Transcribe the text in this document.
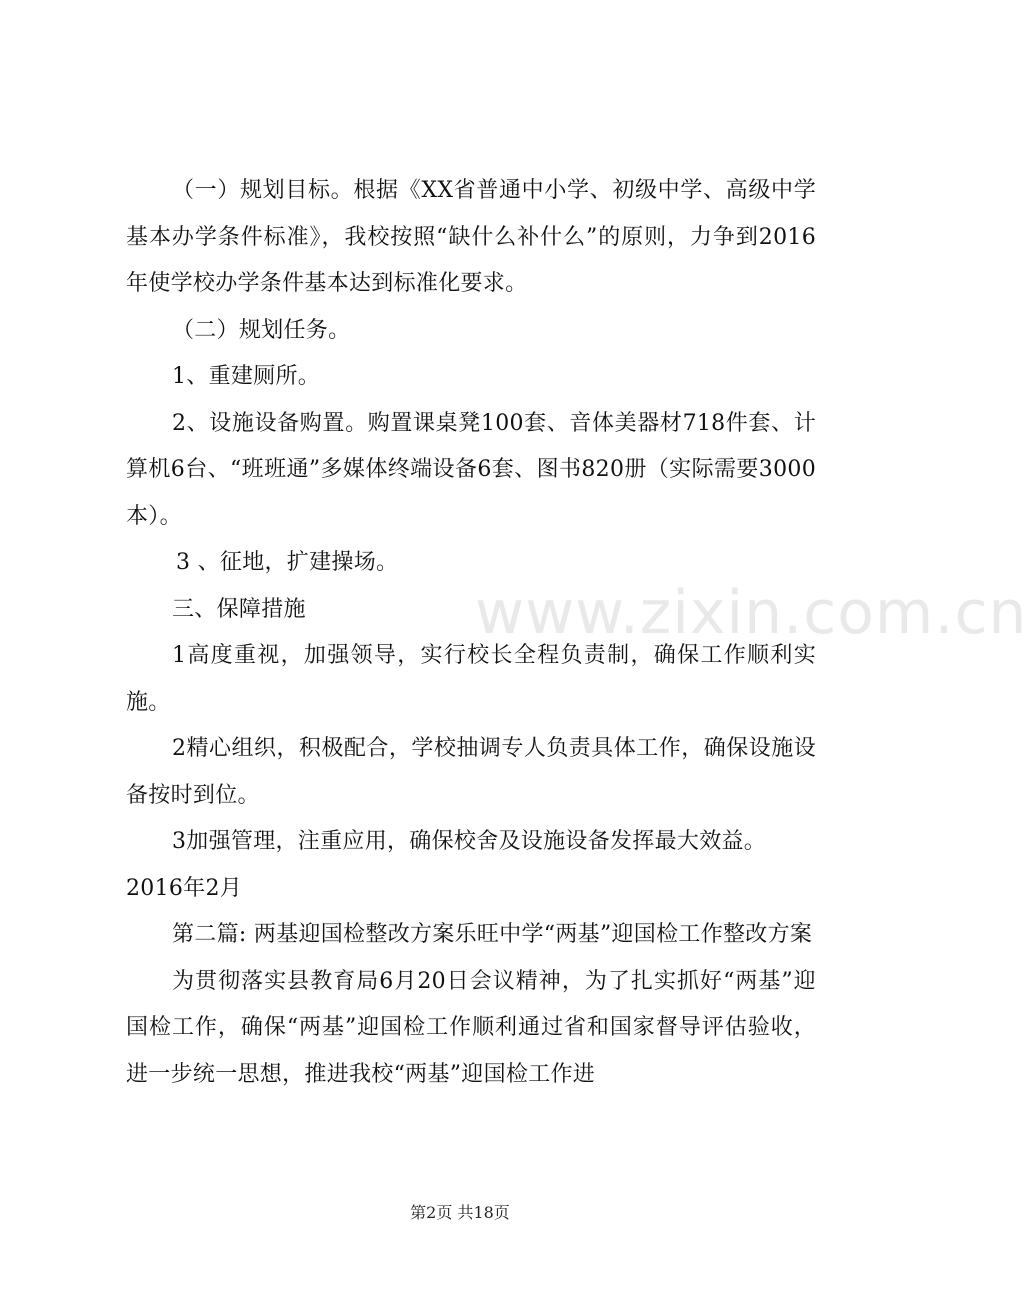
（一）规划目标。根据《XX省普通中小学、初级中学、高级中学基本办学条件标准》，我校按照“缺什么补什么”的原则，力争到2016年使学校办学条件基本达到标准化要求。

（二）规划任务。

1、重建厕所。

2、设施设备购置。购置课桌凳100套、音体美器材718件套、计算机6台、“班班通”多媒体终端设备6套、图书820册（实际需要3000本）。

3 、征地，扩建操场。

三、保障措施

1高度重视，加强领导，实行校长全程负责制，确保工作顺利实施。

2精心组织，积极配合，学校抽调专人负责具体工作，确保设施设备按时到位。

3加强管理，注重应用，确保校舍及设施设备发挥最大效益。

2016年2月

第二篇: 两基迎国检整改方案乐旺中学“两基”迎国检工作整改方案

为贯彻落实县教育局6月20日会议精神，为了扎实抓好“两基”迎国检工作，确保“两基”迎国检工作顺利通过省和国家督导评估验收，进一步统一思想，推进我校“两基”迎国检工作进

www.zixin.com.cn
第2页 共18页
